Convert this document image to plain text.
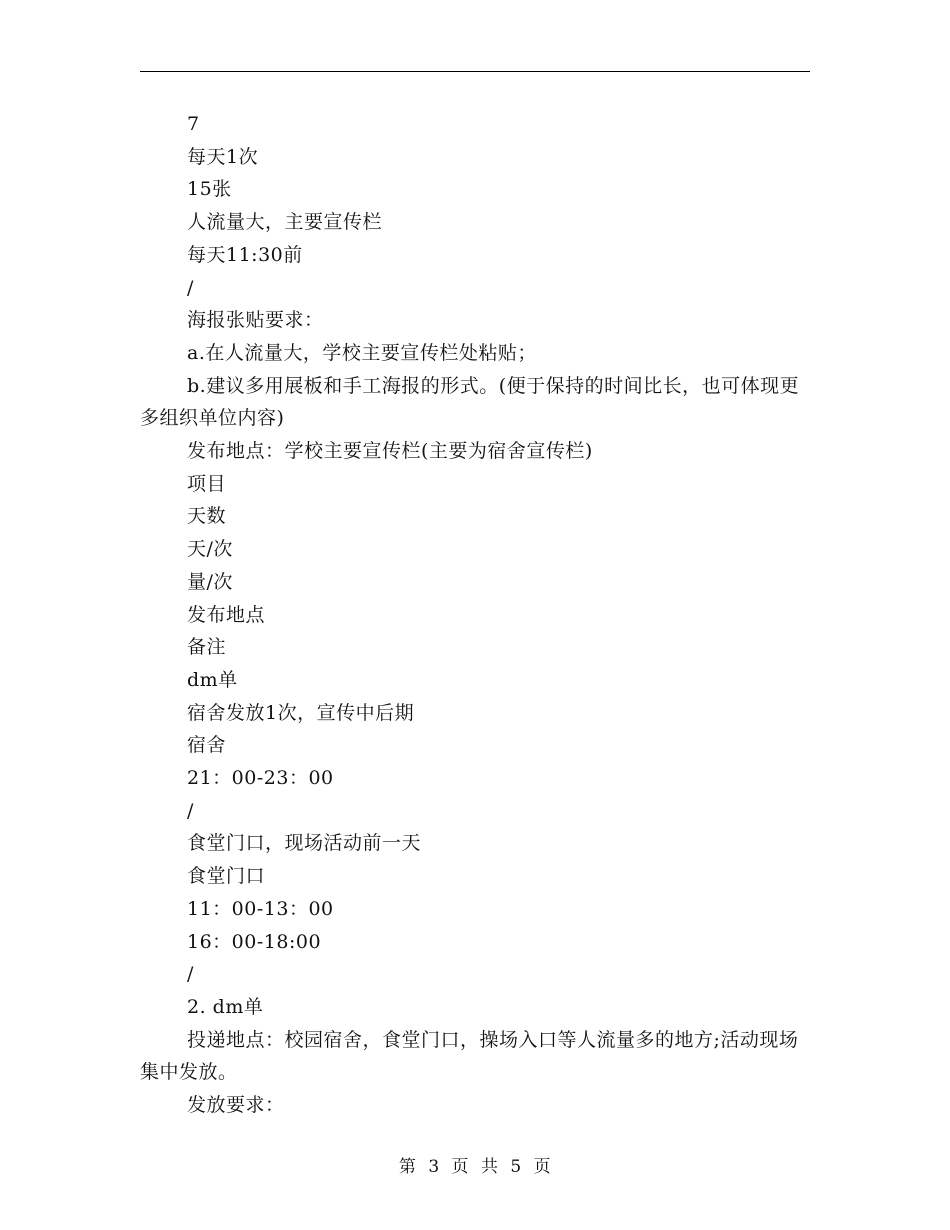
7

每天1次

15张

人流量大，主要宣传栏

每天11:30前

/

海报张贴要求：

a.在人流量大，学校主要宣传栏处粘贴；

b.建议多用展板和手工海报的形式。(便于保持的时间比长，也可体现更多组织单位内容)

发布地点：学校主要宣传栏(主要为宿舍宣传栏)

项目

天数

天/次

量/次

发布地点

备注

dm单

宿舍发放1次，宣传中后期

宿舍

21：00-23：00

/

食堂门口，现场活动前一天

食堂门口

11：00-13：00

16：00-18:00

/

2. dm单

投递地点：校园宿舍，食堂门口，操场入口等人流量多的地方;活动现场集中发放。

发放要求：

第 3 页 共 5 页
